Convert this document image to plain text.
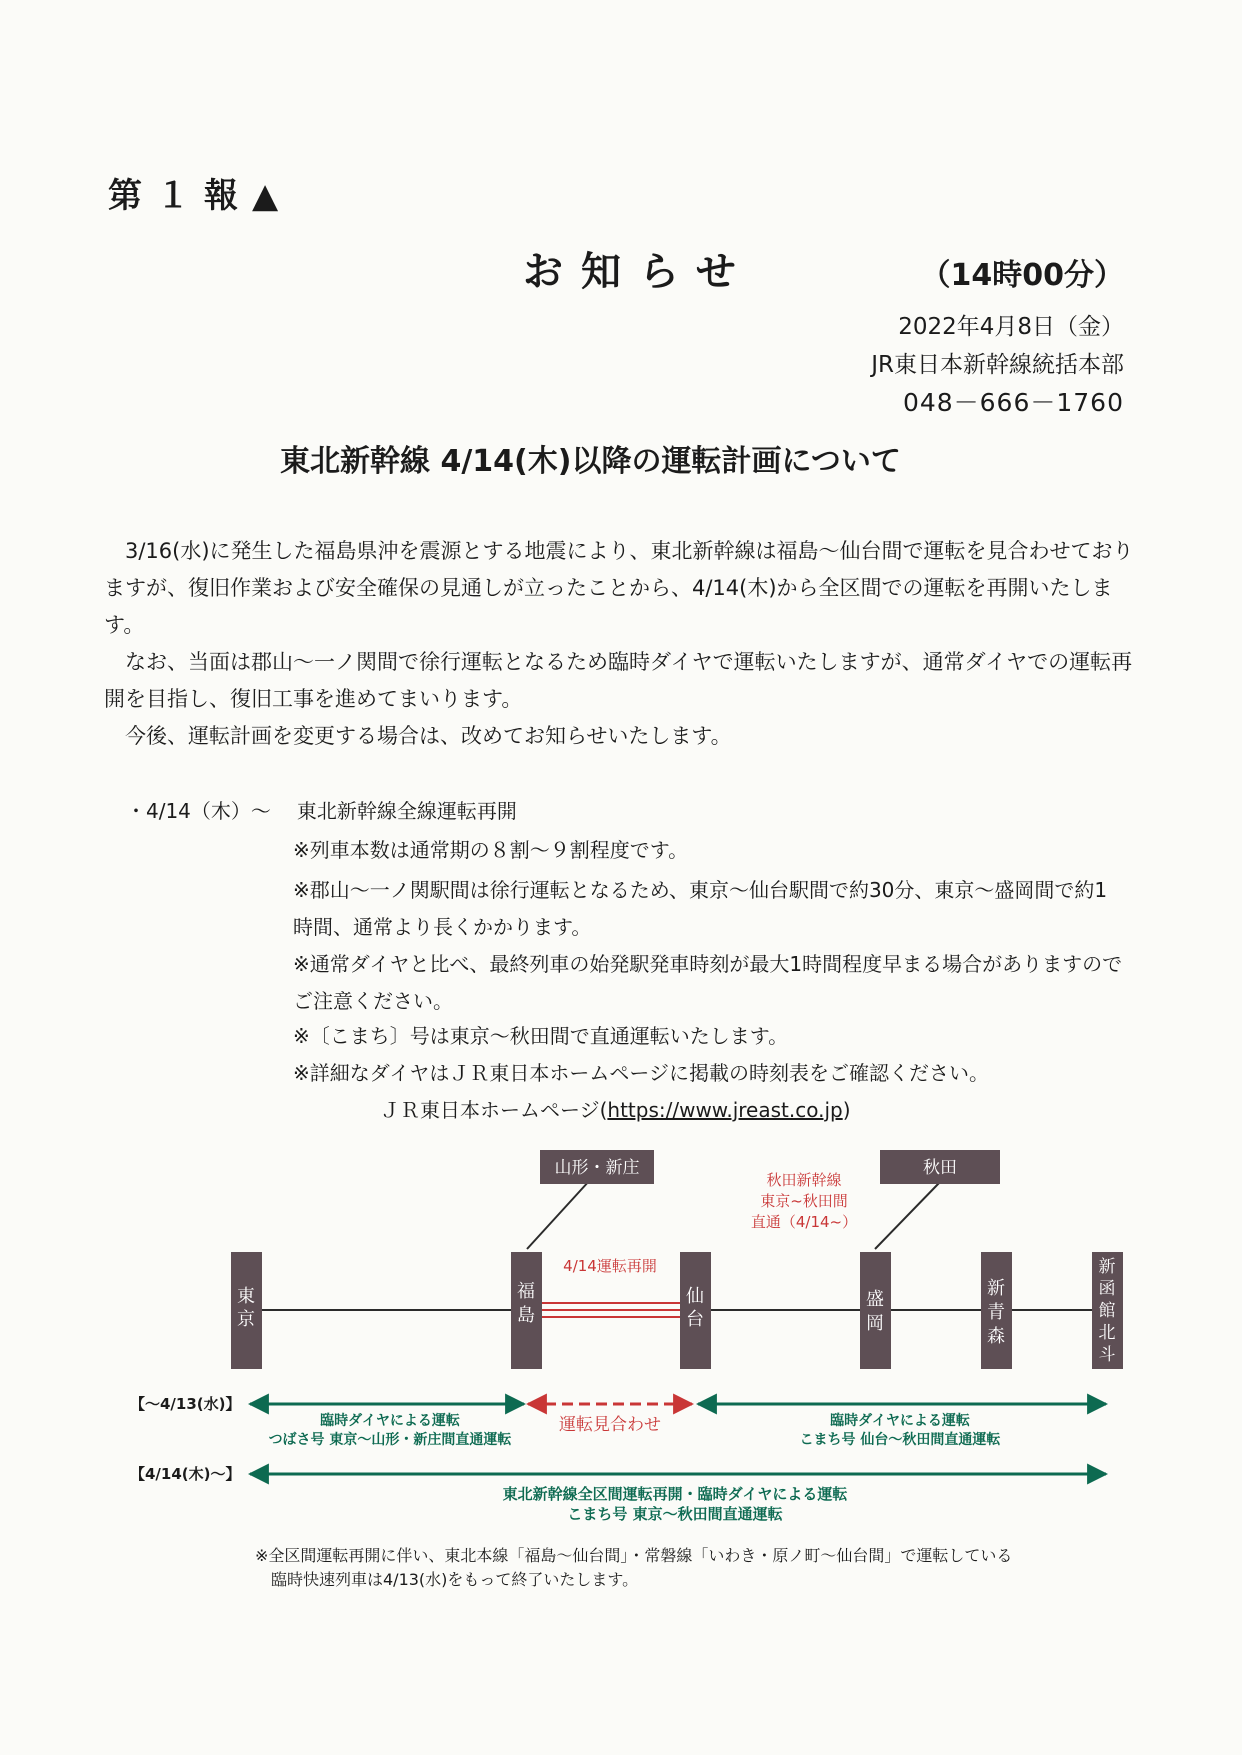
第１報▲
お知らせ	（14時00分）
2022年4月8日（金）
JR東日本新幹線統括本部
048－666－1760
東北新幹線 4/14(木)以降の運転計画について
3/16(水)に発生した福島県沖を震源とする地震により、東北新幹線は福島～仙台間で運転を見合わせておりますが、復旧作業および安全確保の見通しが立ったことから、4/14(木)から全区間での運転を再開いたします。
なお、当面は郡山～一ノ関間で徐行運転となるため臨時ダイヤで運転いたしますが、通常ダイヤでの運転再開を目指し、復旧工事を進めてまいります。
今後、運転計画を変更する場合は、改めてお知らせいたします。
・4/14（木）～ 東北新幹線全線運転再開
※列車本数は通常期の８割～９割程度です。
※郡山～一ノ関駅間は徐行運転となるため、東京～仙台駅間で約30分、東京～盛岡間で約1時間、通常より長くかかります。
※通常ダイヤと比べ、最終列車の始発駅発車時刻が最大1時間程度早まる場合がありますのでご注意ください。
※〔こまち〕号は東京～秋田間で直通運転いたします。
※詳細なダイヤはＪＲ東日本ホームページに掲載の時刻表をご確認ください。
ＪＲ東日本ホームページ(https://www.jreast.co.jp)
4/14運転再開
山形・新庄	秋田
秋田新幹線
東京~秋田間
直通（4/14~）
東
京
福
島
仙
台
盛
岡
新
青
森
新
函
館
北
斗
【～4/13(水)】
臨時ダイヤによる運転
つばさ号 東京～山形・新庄間直通運転
運転見合わせ	臨時ダイヤによる運転
こまち号 仙台～秋田間直通運転
【4/14(木)～】
東北新幹線全区間運転再開・臨時ダイヤによる運転
こまち号 東京～秋田間直通運転
※全区間運転再開に伴い、東北本線「福島～仙台間」・常磐線「いわき・原ノ町～仙台間」で運転している
臨時快速列車は4/13(水)をもって終了いたします。
